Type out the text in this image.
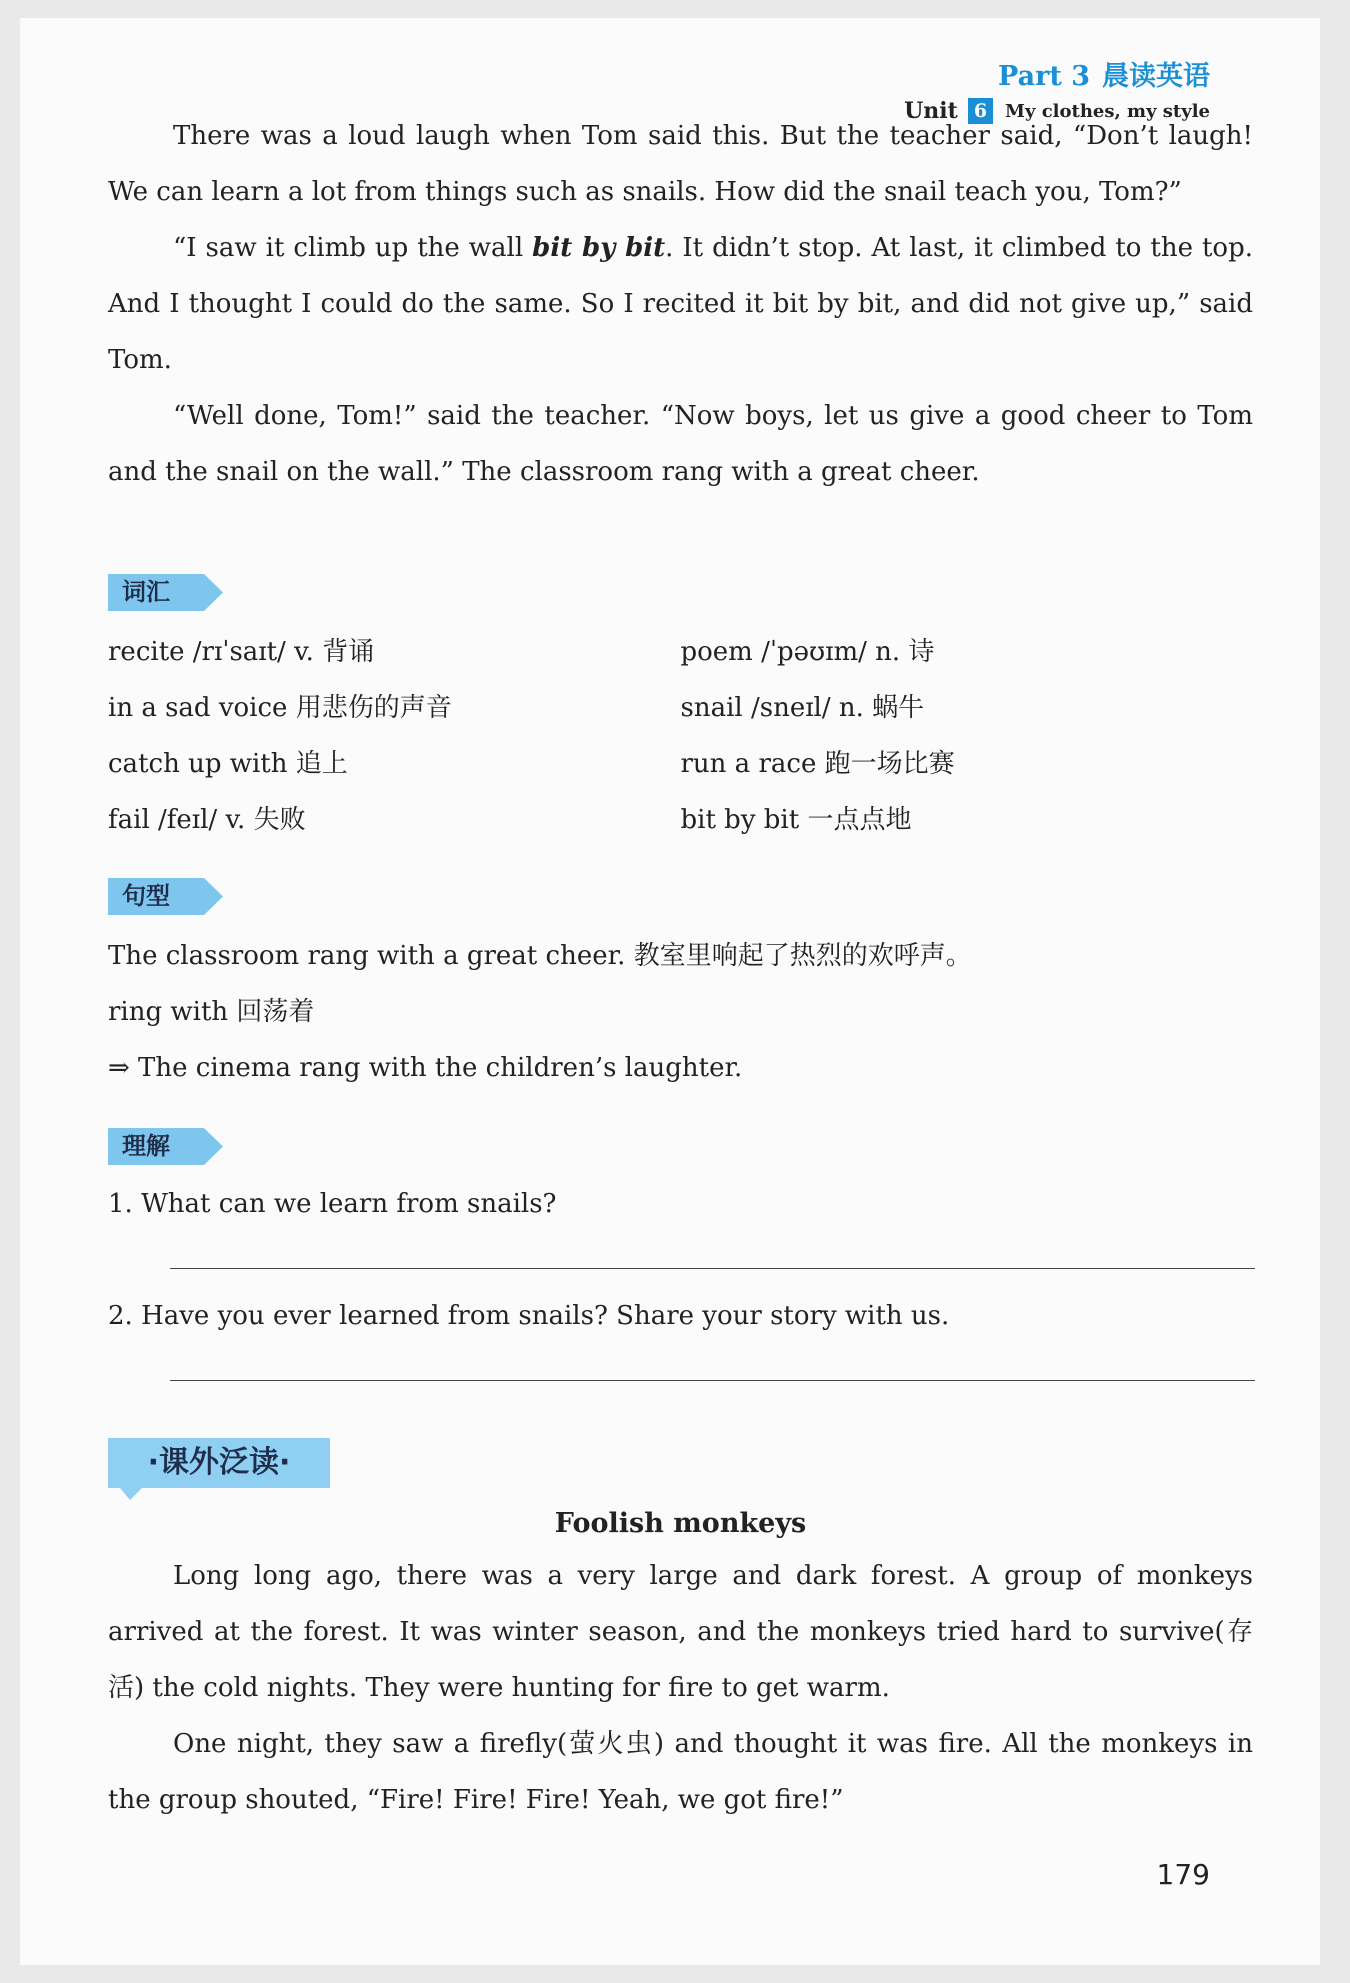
Part 3 晨读英语
Unit 6	My clothes, my style

There was a loud laugh when Tom said this. But the teacher said, “Don’t laugh! We can learn a lot from things such as snails. How did the snail teach you, Tom?”

“I saw it climb up the wall bit by bit. It didn’t stop. At last, it climbed to the top. And I thought I could do the same. So I recited it bit by bit, and did not give up,” said Tom.

“Well done, Tom!” said the teacher. “Now boys, let us give a good cheer to Tom and the snail on the wall.” The classroom rang with a great cheer.

词汇
recite /rɪˈsaɪt/ v. 背诵	poem /ˈpəʊɪm/ n. 诗
in a sad voice 用悲伤的声音	snail /sneɪl/ n. 蜗牛
catch up with 追上	run a race 跑一场比赛
fail /feɪl/ v. 失败	bit by bit 一点点地
句型
The classroom rang with a great cheer. 教室里响起了热烈的欢呼声。
ring with 回荡着
⇒ The cinema rang with the children’s laughter.
理解
1. What can we learn from snails?
2. Have you ever learned from snails? Share your story with us.
·课外泛读·
Foolish monkeys

Long long ago, there was a very large and dark forest. A group of monkeys arrived at the forest. It was winter season, and the monkeys tried hard to survive(存活) the cold nights. They were hunting for fire to get warm.

One night, they saw a firefly(萤火虫) and thought it was fire. All the monkeys in the group shouted, “Fire! Fire! Fire! Yeah, we got fire!”

179
